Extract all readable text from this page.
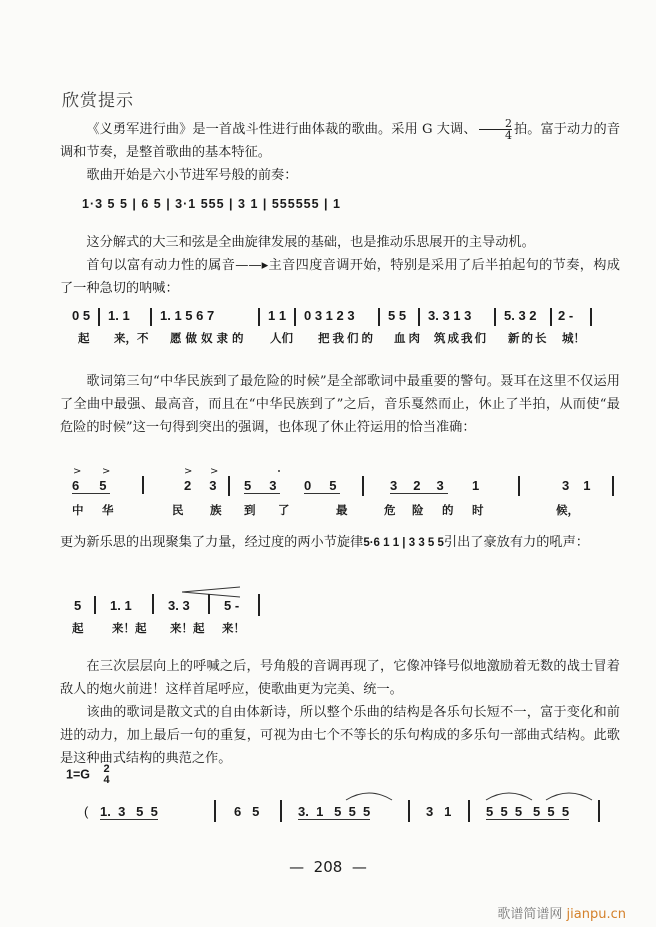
欣赏提示

《义勇军进行曲》是一首战斗性进行曲体裁的歌曲。采用 G 大调、 $\frac{2}{4}$ 拍。富于动力的音调和节奏，是整首歌曲的基本特征。

歌曲开始是六小节进军号般的前奏：

1·3 5 5 | 6 5 | 3·1 555 | 3 1 | 555555 | 1

这分解式的大三和弦是全曲旋律发展的基础，也是推动乐思展开的主导动机。

首句以富有动力性的属音——▸主音四度音调开始，特别是采用了后半拍起句的节奏，构成了一种急切的呐喊：

0 5 1. 1 1. 1 5 6 7	1 1 0 3 1 2 3	5 5 3. 3 1 3	5. 3 2 2 -
起 来，不 愿做奴隶的 人们 把我们的 血肉 筑成我们 新的长 城！

歌词第三句“中华民族到了最危险的时候”是全部歌词中最重要的警句。聂耳在这里不仅运用了全曲中最强、最高音，而且在“中华民族到了”之后，音乐戛然而止，休止了半拍，从而使“最危险的时候”这一句得到突出的强调，也体现了休止符运用的恰当准确：

> >	> >
6 5	2 3 5 3 0 5	3 2 3	1	3 1
中 华	民 族 到 了	最	危 险 的 时	候，

更为新乐思的出现聚集了力量，经过度的两小节旋律5·6 1 1 | 3 3 5 5引出了豪放有力的吼声：

5 1. 1	3. 3	5 -
起 来！起 来！起 来！

在三次层层向上的呼喊之后，号角般的音调再现了，它像冲锋号似地激励着无数的战士冒着敌人的炮火前进！这样首尾呼应，使歌曲更为完美、统一。

该曲的歌词是散文式的自由体新诗，所以整个乐曲的结构是各乐句长短不一，富于变化和前进的动力，加上最后一句的重复，可视为由七个不等长的乐句构成的多乐句一部曲式结构。此歌是这种曲式结构的典范之作。

1=G 2
4
( 1.  3   5  5	6   5	3.  1   5  5  5	3   1	5  5  5   5  5  5
— 208 —
歌谱简谱网 jianpu.cn
